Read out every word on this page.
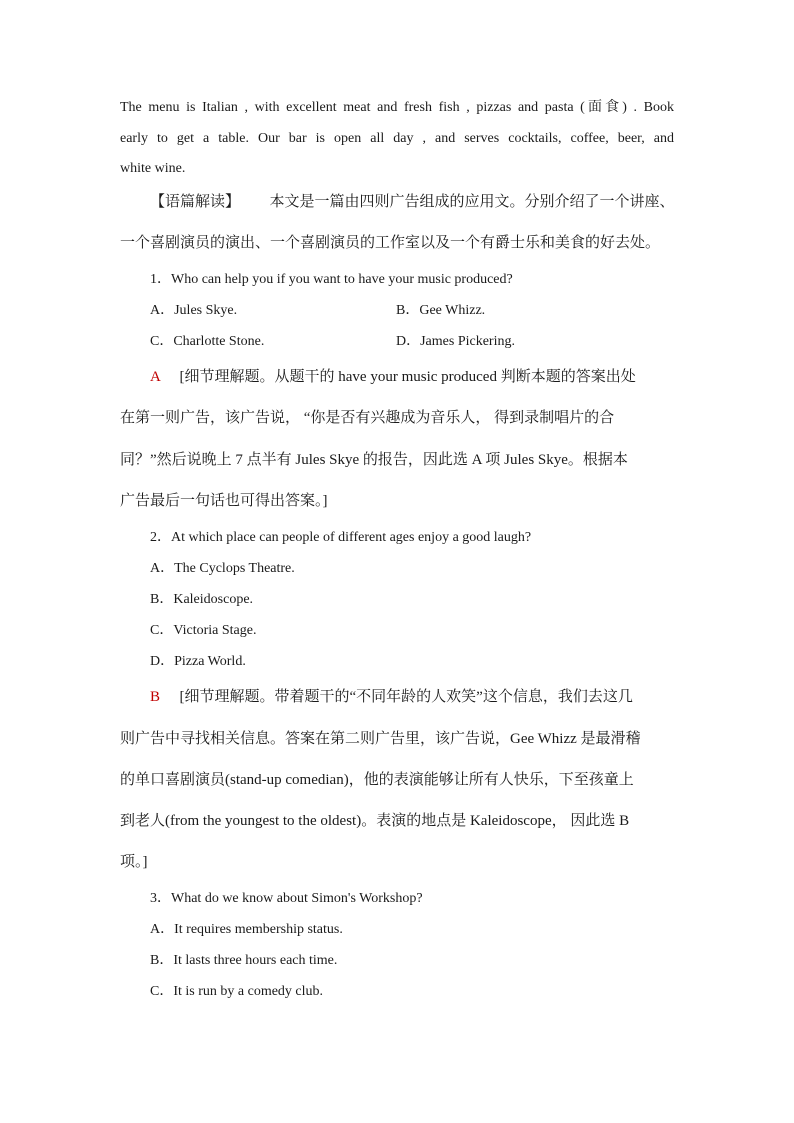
The menu is Italian , with excellent meat and fresh fish , pizzas and pasta (面食) . Book
early to get a table. Our bar is open all day , and serves cocktails, coffee, beer, and
white wine.
【语篇解读】 本文是一篇由四则广告组成的应用文。分别介绍了一个讲座、
一个喜剧演员的演出、一个喜剧演员的工作室以及一个有爵士乐和美食的好去处。
1．Who can help you if you want to have your music produced?
A．Jules Skye.	B．Gee Whizz.
C．Charlotte Stone.	D．James Pickering.
A [细节理解题。从题干的 have your music produced 判断本题的答案出处
在第一则广告，该广告说， “你是否有兴趣成为音乐人， 得到录制唱片的合
同？”然后说晚上 7 点半有 Jules Skye 的报告，因此选 A 项 Jules Skye。根据本
广告最后一句话也可得出答案。]
2．At which place can people of different ages enjoy a good laugh?
A．The Cyclops Theatre.
B．Kaleidoscope.
C．Victoria Stage.
D．Pizza World.
B [细节理解题。带着题干的“不同年龄的人欢笑”这个信息，我们去这几
则广告中寻找相关信息。答案在第二则广告里，该广告说，Gee Whizz 是最滑稽
的单口喜剧演员(stand-up comedian)，他的表演能够让所有人快乐，下至孩童上
到老人(from the youngest to the oldest)。表演的地点是 Kaleidoscope， 因此选 B
项。]
3．What do we know about Simon's Workshop?
A．It requires membership status.
B．It lasts three hours each time.
C．It is run by a comedy club.
